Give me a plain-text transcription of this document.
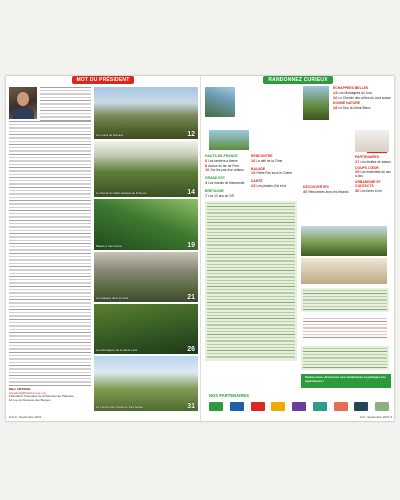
MOT DU PRÉSIDENT
Marc VIETMAN
president@ffrandonnee.org
Fédération Française de la Randonnée Pédestre
64 rue du Dessous des Berges
Les mardi de Reinans	12
Le chemin de Saint-Jacques au fil de soi	14
Balade à l'eau douce	19
Les balades dans les bois	21
Les Montagnes de la Haute-Loire	26
Le Chemin des Crêtes du Jura Suisse	31
2 212 • Septembre 2021
RANDONNEZ CURIEUX
HAUTS-DE-FRANCE
6Les sentiers à thème
8Autour du lac de Pont
10Sur les pas d'un artisan
GRAND EST
4Les mardis de Marmande
BRETAGNE
7Les 10 ans du GR
RENCONTRE
16Le défi de la Cîme
BALADE
19Petits Pas sous le Chêne
SANTÉ
23Les plantes d'ici et là
ÉCHAPPÉES BELLES
24Les Montagnes du Jura
26Le Chemin des crêtes du Jura suisse
DONNE NATURE
28Le Tour du Mont-Blanc
PARTENAIRES
27Les feuilles de saison
COUPS CŒUR
29Les essentiels du sac à dos
URBANISME ET CONTACTS
30Les livres à lire
DÉCOUVERTES
30Rencontres avec les lézards
Suivez-nous, découvrez nos randonnées et partagez vos expériences !
NOS PARTENAIRES
212 • Septembre 2021 3
